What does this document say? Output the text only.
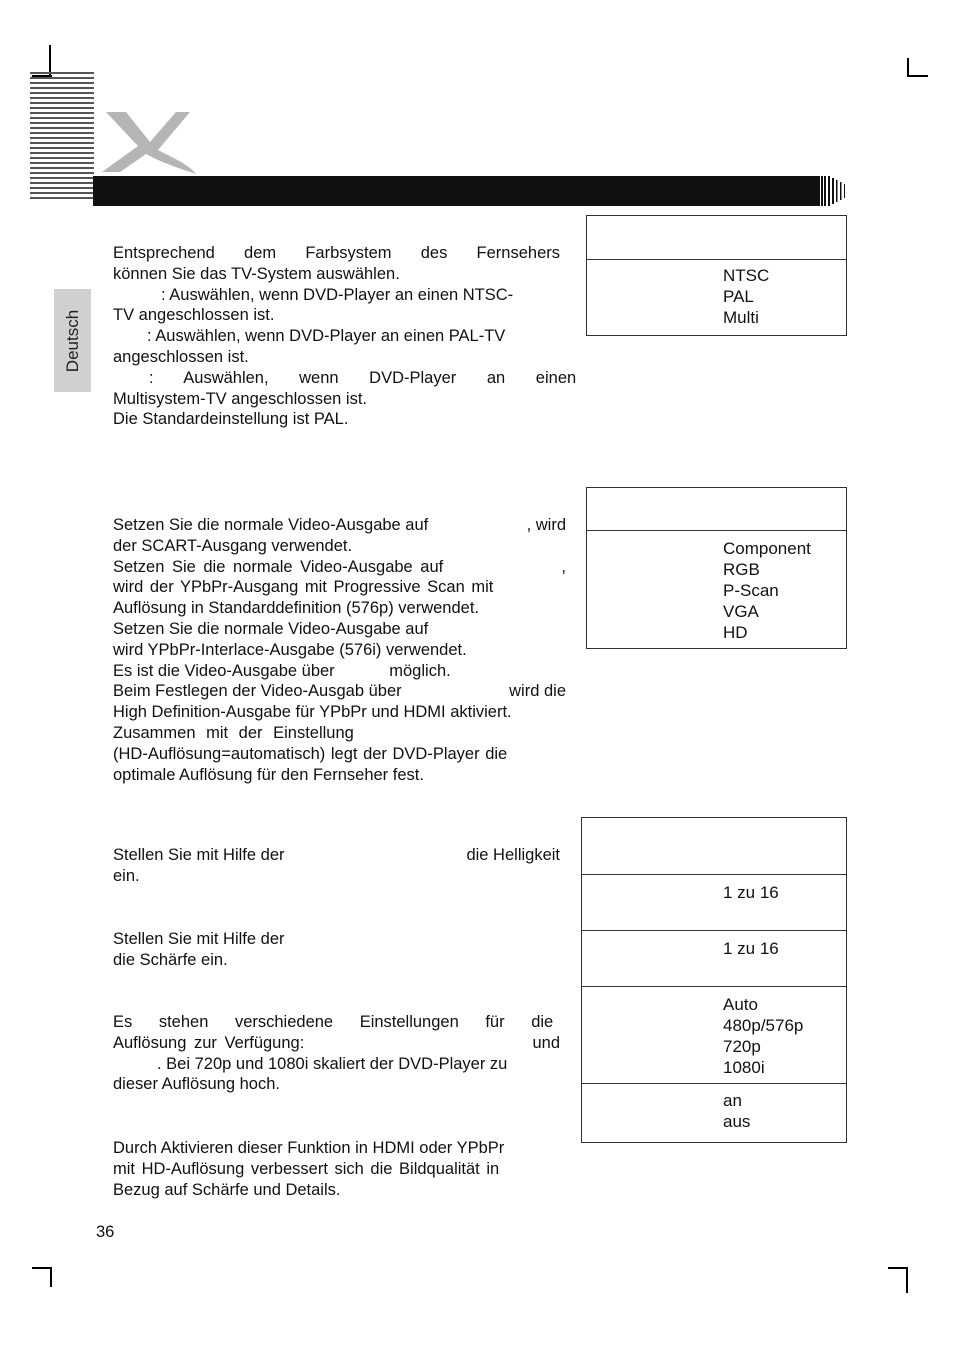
Deutsch
Entsprechend dem Farbsystem des Fernsehers
können Sie das TV-System auswählen.
: Auswählen, wenn DVD-Player an einen NTSC-
TV angeschlossen ist.
: Auswählen, wenn DVD-Player an einen PAL-TV
angeschlossen ist.
: Auswählen, wenn DVD-Player an einen
Multisystem-TV angeschlossen ist.
Die Standardeinstellung ist PAL.
NTSC
PAL
Multi
Setzen Sie die normale Video-Ausgabe auf	, wird
der SCART-Ausgang verwendet.
Setzen Sie die normale Video-Ausgabe auf	,
wird der YPbPr-Ausgang mit Progressive Scan mit
Auflösung in Standarddefinition (576p) verwendet.
Setzen Sie die normale Video-Ausgabe auf
wird YPbPr-Interlace-Ausgabe (576i) verwendet.
Es ist die Video-Ausgabe über	möglich.
Beim Festlegen der Video-Ausgab über	wird die
High Definition-Ausgabe für YPbPr und HDMI aktiviert.
Zusammen mit der Einstellung
(HD-Auflösung=automatisch) legt der DVD-Player die
optimale Auflösung für den Fernseher fest.
Component
RGB
P-Scan
VGA
HD
Stellen Sie mit Hilfe der	die Helligkeit
ein.
Stellen Sie mit Hilfe der
die Schärfe ein.
Es stehen verschiedene Einstellungen für die
Auflösung zur Verfügung:	und
. Bei 720p und 1080i skaliert der DVD-Player zu
dieser Auflösung hoch.
Durch Aktivieren dieser Funktion in HDMI oder YPbPr
mit HD-Auflösung verbessert sich die Bildqualität in
Bezug auf Schärfe und Details.
1 zu 16
1 zu 16
Auto
480p/576p
720p
1080i
an
aus
36
